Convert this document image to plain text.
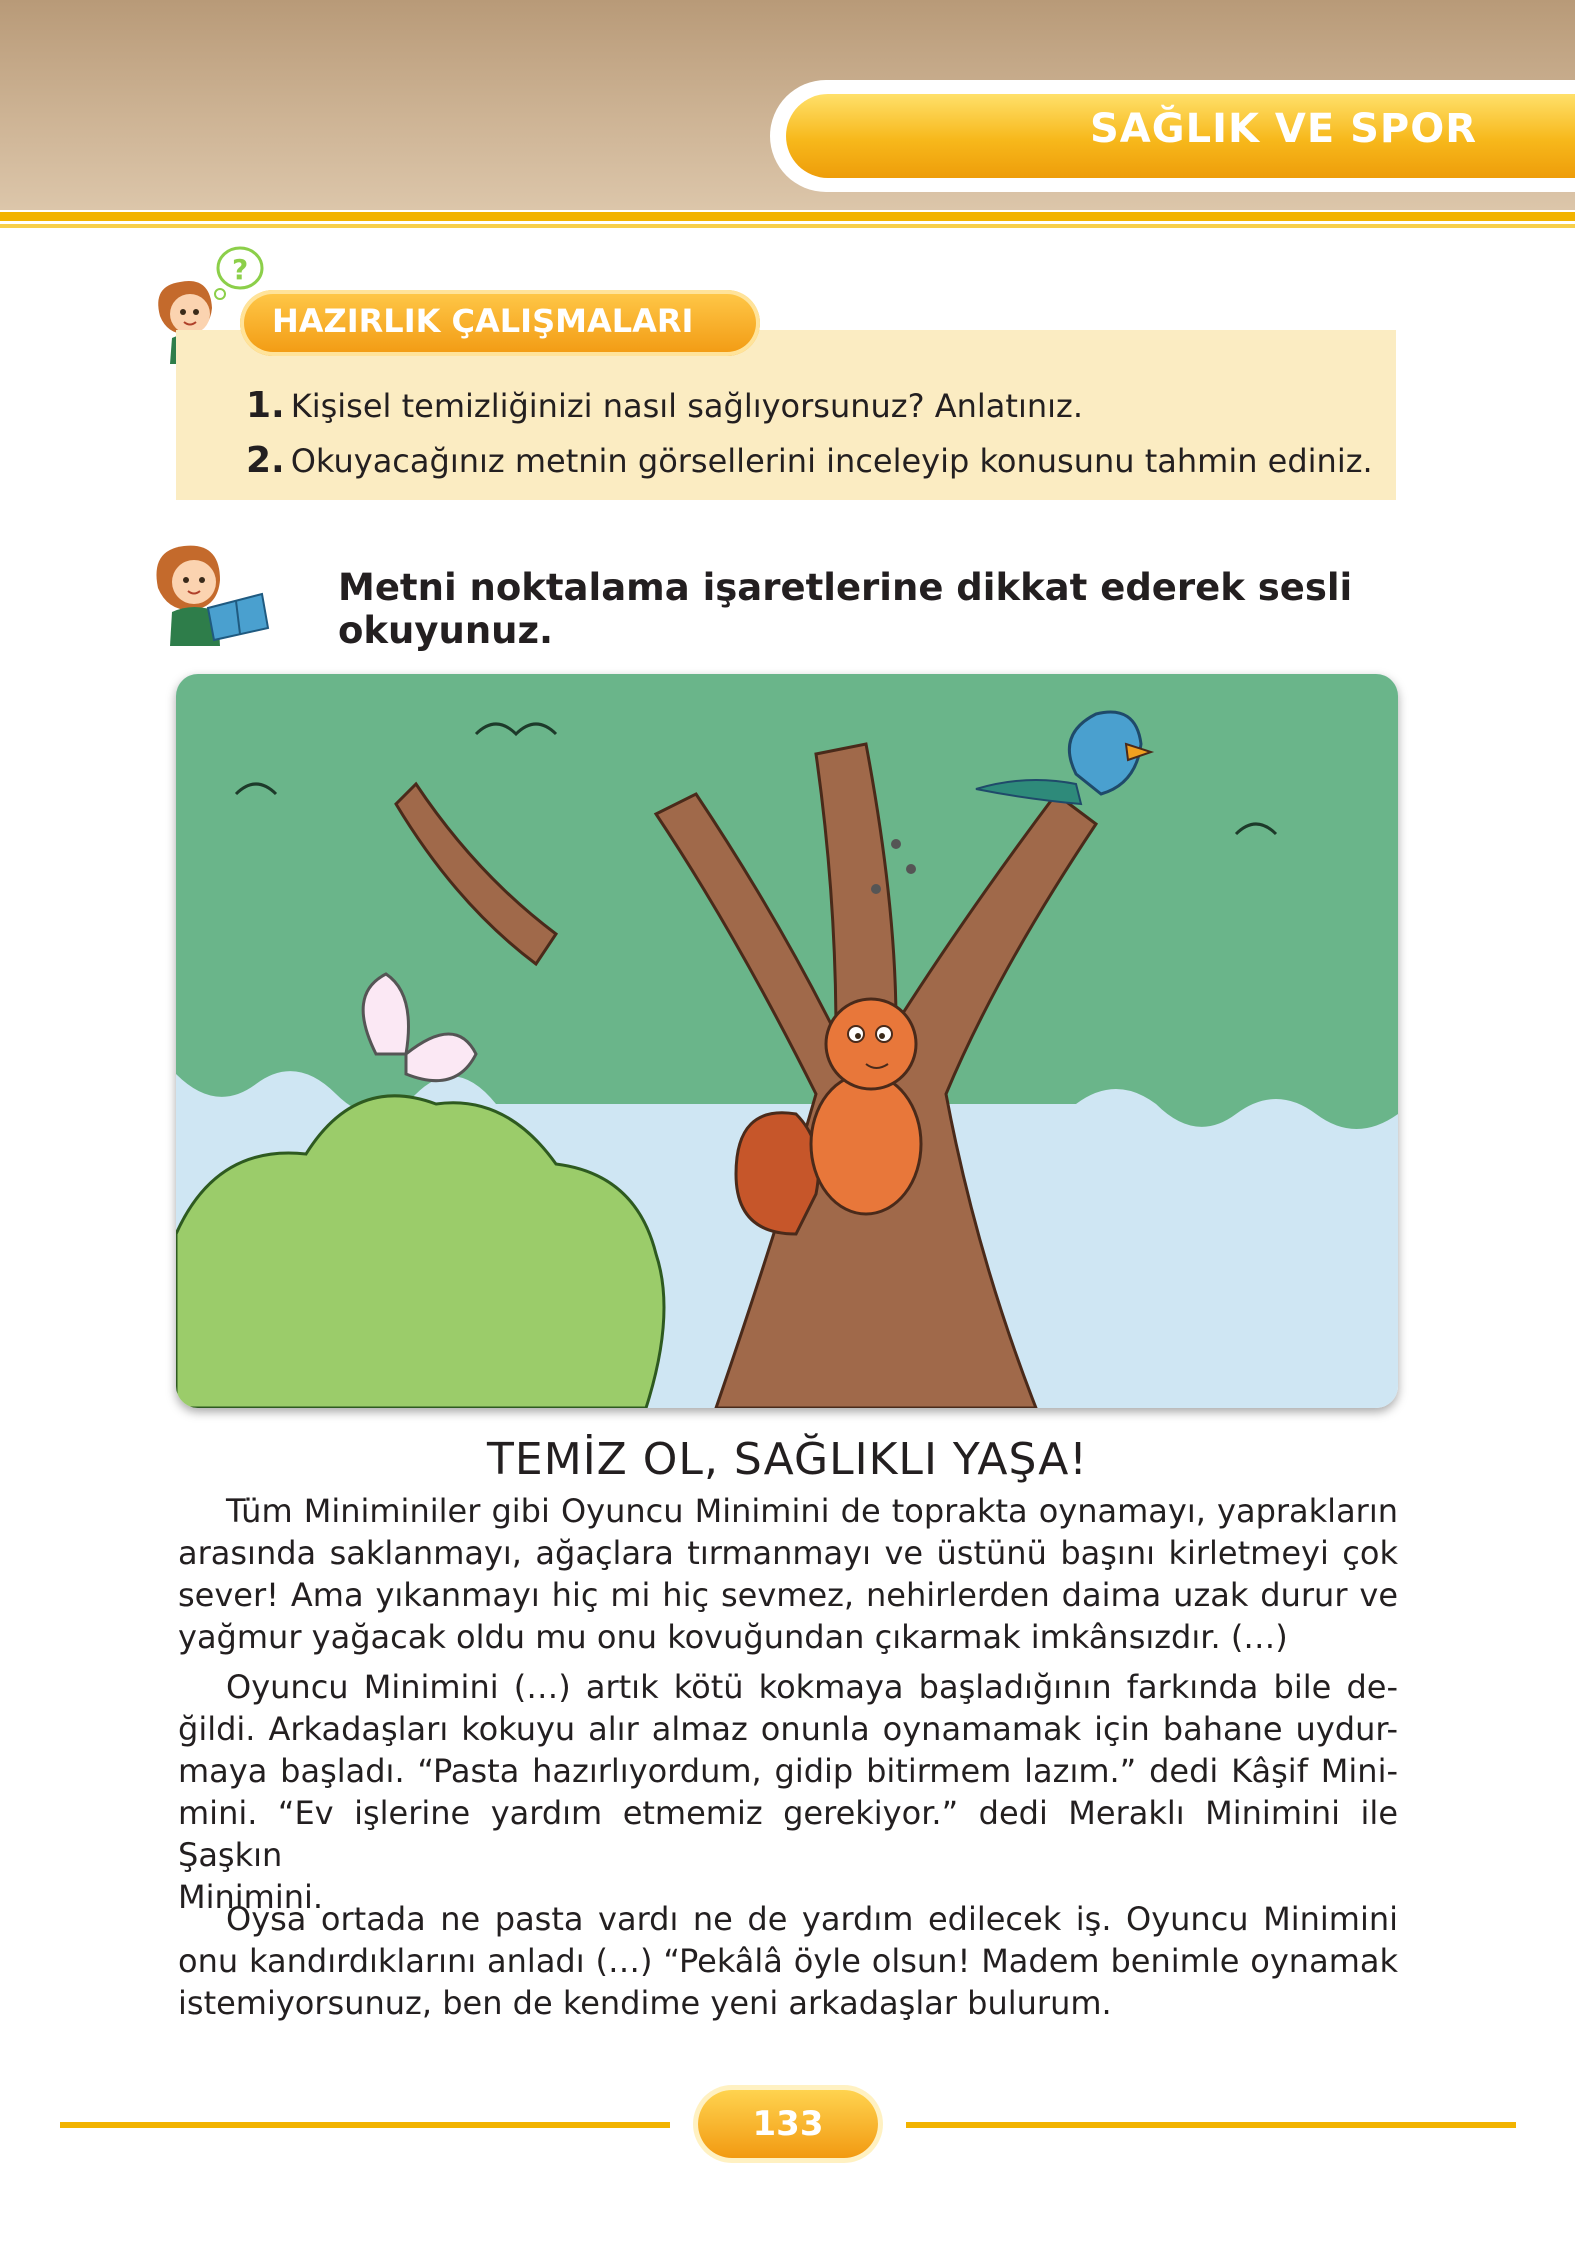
SAĞLIK VE SPOR
?
HAZIRLIK ÇALIŞMALARI
1. Kişisel temizliğinizi nasıl sağlıyorsunuz? Anlatınız.
2. Okuyacağınız metnin görsellerini inceleyip konusunu tahmin ediniz.
Metni noktalama işaretlerine dikkat ederek sesli okuyunuz.
TEMİZ OL, SAĞLIKLI YAŞA!
Tüm Miniminiler gibi Oyuncu Minimini de toprakta oynamayı, yaprakların
arasında saklanmayı, ağaçlara tırmanmayı ve üstünü başını kirletmeyi çok
sever! Ama yıkanmayı hiç mi hiç sevmez, nehirlerden daima uzak durur ve
yağmur yağacak oldu mu onu kovuğundan çıkarmak imkânsızdır. (…)
Oyuncu Minimini (…) artık kötü kokmaya başladığının farkında bile de-
ğildi. Arkadaşları kokuyu alır almaz onunla oynamamak için bahane uydur-
maya başladı. “Pasta hazırlıyordum, gidip bitirmem lazım.” dedi Kâşif Mini-
mini. “Ev işlerine yardım etmemiz gerekiyor.” dedi Meraklı Minimini ile Şaşkın
Minimini.
Oysa ortada ne pasta vardı ne de yardım edilecek iş. Oyuncu Minimini
onu kandırdıklarını anladı (…) “Pekâlâ öyle olsun! Madem benimle oynamak
istemiyorsunuz, ben de kendime yeni arkadaşlar bulurum.
133
